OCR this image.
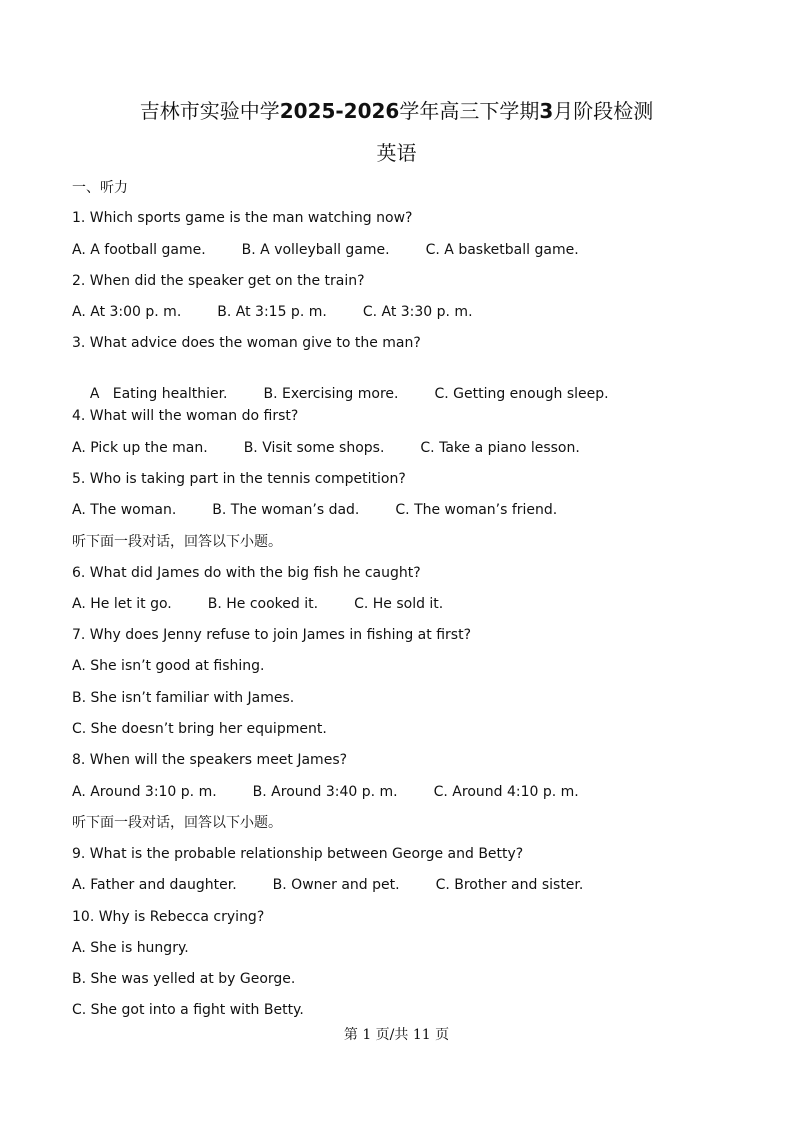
吉林市实验中学2025-2026学年高三下学期3月阶段检测
英语
一、听力
1. Which sports game is the man watching now?
A. A football game.	B. A volleyball game.	C. A basketball game.
2. When did the speaker get on the train?
A. At 3:00 p. m.	B. At 3:15 p. m.	C. At 3:30 p. m.
3. What advice does the woman give to the man?

A   Eating healthier.	B. Exercising more.	C. Getting enough sleep.

4. What will the woman do first?
A. Pick up the man.	B. Visit some shops.	C. Take a piano lesson.
5. Who is taking part in the tennis competition?
A. The woman.	B. The woman’s dad.	C. The woman’s friend.
听下面一段对话，回答以下小题。
6. What did James do with the big fish he caught?
A. He let it go.	B. He cooked it.	C. He sold it.
7. Why does Jenny refuse to join James in fishing at first?
A. She isn’t good at fishing.
B. She isn’t familiar with James.
C. She doesn’t bring her equipment.
8. When will the speakers meet James?
A. Around 3:10 p. m.	B. Around 3:40 p. m.	C. Around 4:10 p. m.
听下面一段对话，回答以下小题。
9. What is the probable relationship between George and Betty?
A. Father and daughter.	B. Owner and pet.	C. Brother and sister.
10. Why is Rebecca crying?
A. She is hungry.
B. She was yelled at by George.
C. She got into a fight with Betty.
第 1 页/共 11 页
